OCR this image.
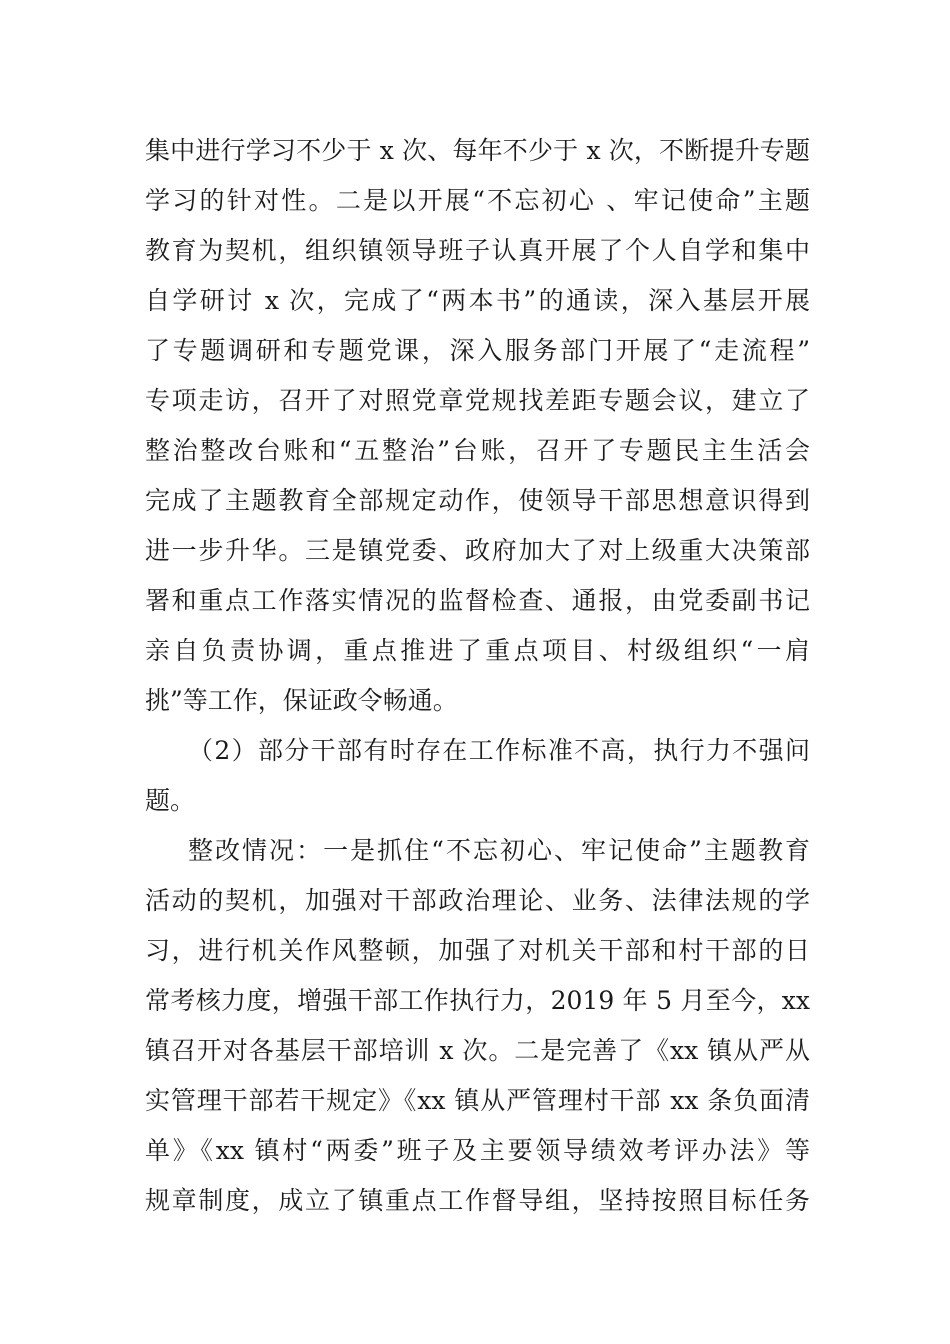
集中进行学习不少于 x 次、每年不少于 x 次，不断提升专题
学习的针对性。二是以开展“不忘初心 、牢记使命”主题
教育为契机，组织镇领导班子认真开展了个人自学和集中
自学研讨 x 次，完成了“两本书”的通读，深入基层开展
了专题调研和专题党课，深入服务部门开展了“走流程”
专项走访，召开了对照党章党规找差距专题会议，建立了
整治整改台账和“五整治”台账，召开了专题民主生活会
完成了主题教育全部规定动作，使领导干部思想意识得到
进一步升华。三是镇党委、政府加大了对上级重大决策部
署和重点工作落实情况的监督检查、通报，由党委副书记
亲自负责协调，重点推进了重点项目、村级组织“一肩
挑”等工作，保证政令畅通。
（2）部分干部有时存在工作标准不高，执行力不强问
题。
整改情况：一是抓住“不忘初心、牢记使命”主题教育
活动的契机，加强对干部政治理论、业务、法律法规的学
习，进行机关作风整顿，加强了对机关干部和村干部的日
常考核力度，增强干部工作执行力，2019 年 5 月至今，xx
镇召开对各基层干部培训 x 次。二是完善了《xx 镇从严从
实管理干部若干规定》《xx 镇从严管理村干部 xx 条负面清
单》《xx 镇村“两委”班子及主要领导绩效考评办法》等
规章制度，成立了镇重点工作督导组，坚持按照目标任务
